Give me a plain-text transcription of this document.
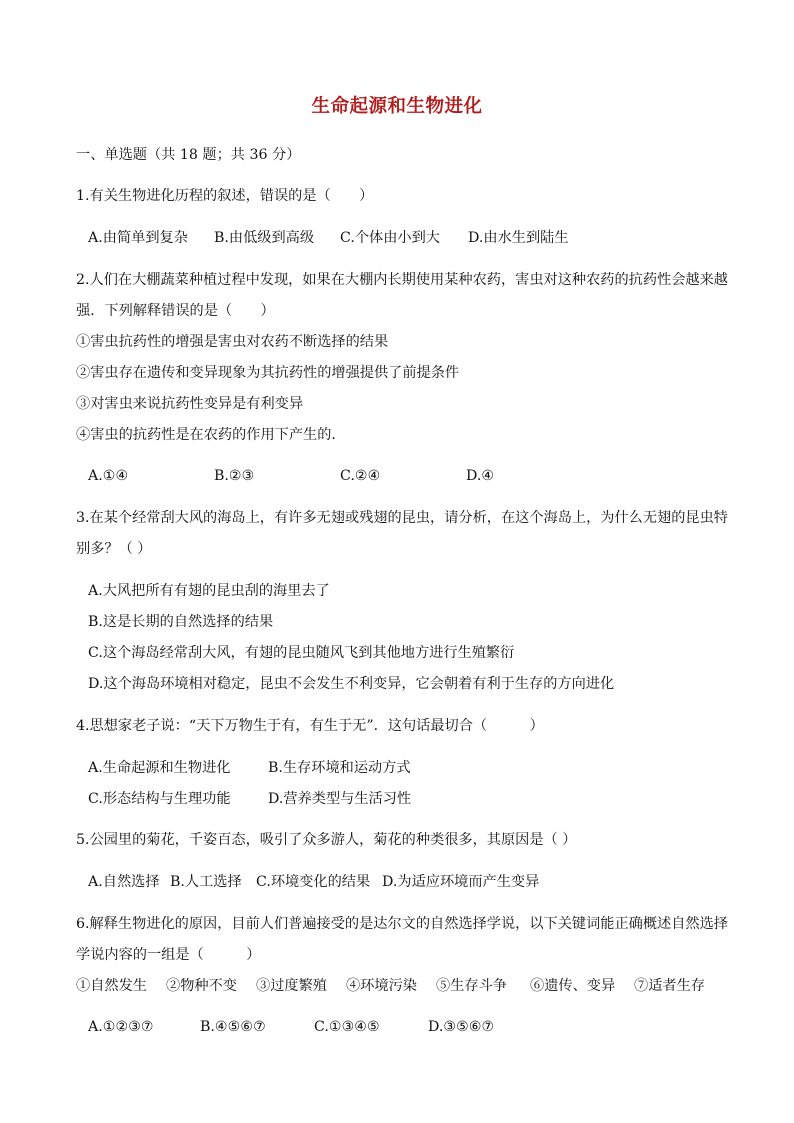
生命起源和生物进化
一、单选题（共 18 题；共 36 分）
1.有关生物进化历程的叙述，错误的是（　　）
A.由简单到复杂 B.由低级到高级 C.个体由小到大 D.由水生到陆生
2.人们在大棚蔬菜种植过程中发现，如果在大棚内长期使用某种农药，害虫对这种农药的抗药性会越来越
强．下列解释错误的是（　　）
①害虫抗药性的增强是害虫对农药不断选择的结果
②害虫存在遗传和变异现象为其抗药性的增强提供了前提条件
③对害虫来说抗药性变异是有利变异
④害虫的抗药性是在农药的作用下产生的．
A.①④	B.②③	C.②④	D.④
3.在某个经常刮大风的海岛上，有许多无翅或残翅的昆虫，请分析，在这个海岛上，为什么无翅的昆虫特
别多？（ ）
A.大风把所有有翅的昆虫刮的海里去了
B.这是长期的自然选择的结果
C.这个海岛经常刮大风，有翅的昆虫随风飞到其他地方进行生殖繁衍
D.这个海岛环境相对稳定，昆虫不会发生不利变异，它会朝着有利于生存的方向进化
4.思想家老子说：“天下万物生于有，有生于无”．这句话最切合（　　　）
A.生命起源和生物进化	B.生存环境和运动方式
C.形态结构与生理功能	D.营养类型与生活习性
5.公园里的菊花，千姿百态，吸引了众多游人，菊花的种类很多，其原因是（ ）
A.自然选择 B.人工选择 C.环境变化的结果 D.为适应环境而产生变异
6.解释生物进化的原因，目前人们普遍接受的是达尔文的自然选择学说，以下关键词能正确概述自然选择
学说内容的一组是（　　　）
①自然发生 ②物种不变 ③过度繁殖 ④环境污染 ⑤生存斗争 ⑥遗传、变异 ⑦适者生存
A.①②③⑦	B.④⑤⑥⑦	C.①③④⑤	D.③⑤⑥⑦
